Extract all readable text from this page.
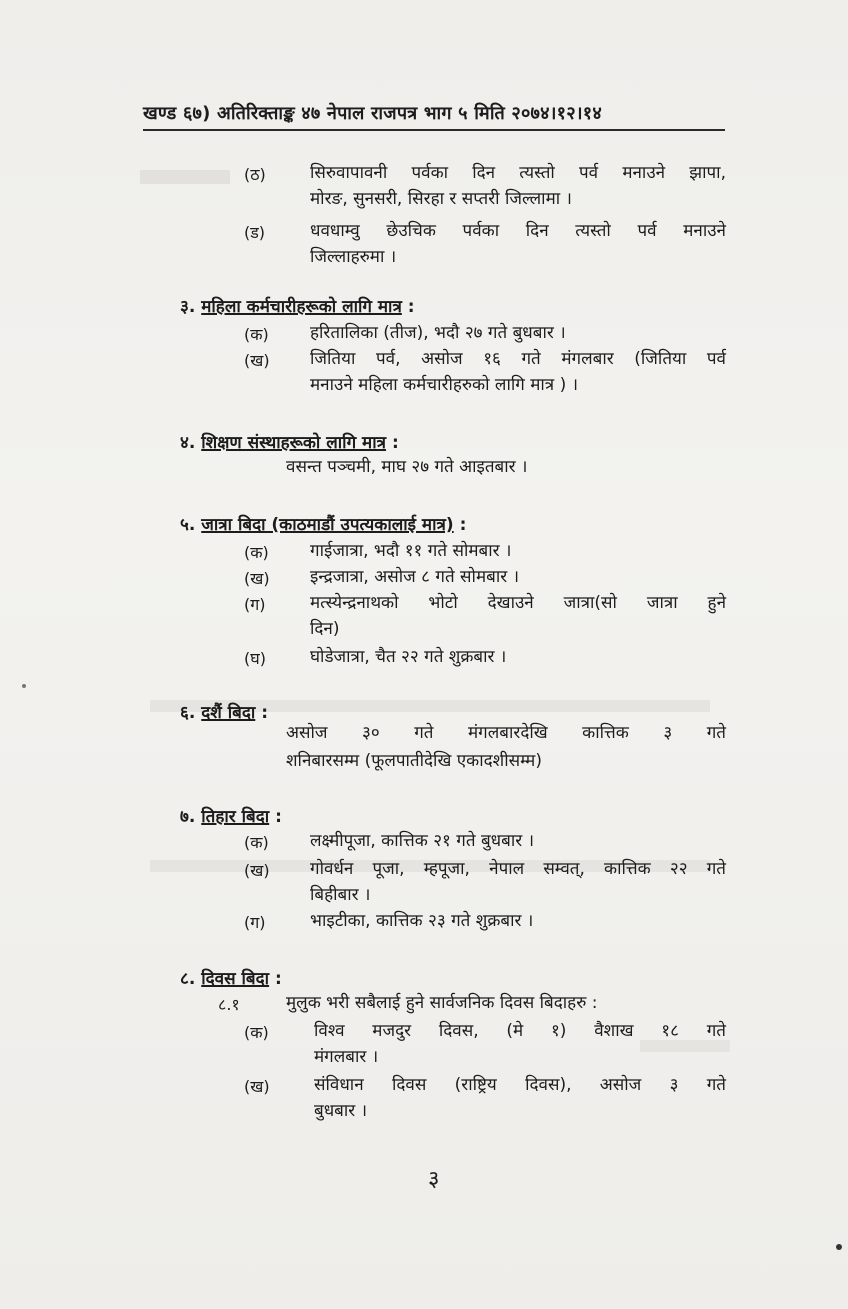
खण्ड ६७) अतिरिक्ताङ्क ४७ नेपाल राजपत्र भाग ५ मिति २०७४।१२।१४
(ठ)	सिरुवापावनी पर्वका दिन त्यस्तो पर्व मनाउने झापा,
मोरङ, सुनसरी, सिरहा र सप्तरी जिल्लामा ।
(ड)	धवधाम्वु छेउचिक पर्वका दिन त्यस्तो पर्व मनाउने
जिल्लाहरुमा ।
३. महिला कर्मचारीहरूको लागि मात्र :
(क) हरितालिका (तीज), भदौ २७ गते बुधबार ।
(ख) जितिया पर्व, असोज १६ गते मंगलबार (जितिया पर्व
मनाउने महिला कर्मचारीहरुको लागि मात्र ) ।
४. शिक्षण संस्थाहरूको लागि मात्र :
वसन्त पञ्चमी, माघ २७ गते आइतबार ।
५. जात्रा बिदा (काठमाडौं उपत्यकालाई मात्र) :
(क) गाईजात्रा, भदौ ११ गते सोमबार ।
(ख) इन्द्रजात्रा, असोज ८ गते सोमबार ।
(ग)	मत्स्येन्द्रनाथको भोटो देखाउने जात्रा(सो जात्रा हुने
दिन)
(घ)	घोडेजात्रा, चैत २२ गते शुक्रबार ।
६. दशैं बिदा :
असोज ३० गते मंगलबारदेखि कात्तिक ३ गते
शनिबारसम्म (फूलपातीदेखि एकादशीसम्म)
७. तिहार बिदा :
(क) लक्ष्मीपूजा, कात्तिक २१ गते बुधबार ।
(ख) गोवर्धन पूजा, म्हपूजा, नेपाल सम्वत्, कात्तिक २२ गते
बिहीबार ।
(ग)	भाइटीका, कात्तिक २३ गते शुक्रबार ।
८. दिवस बिदा :
८.१	मुलुक भरी सबैलाई हुने सार्वजनिक दिवस बिदाहरु :
(क)	विश्व मजदुर दिवस, (मे १) वैशाख १८ गते
मंगलबार ।
(ख)	संविधान दिवस (राष्ट्रिय दिवस), असोज ३ गते
बुधबार ।
३
